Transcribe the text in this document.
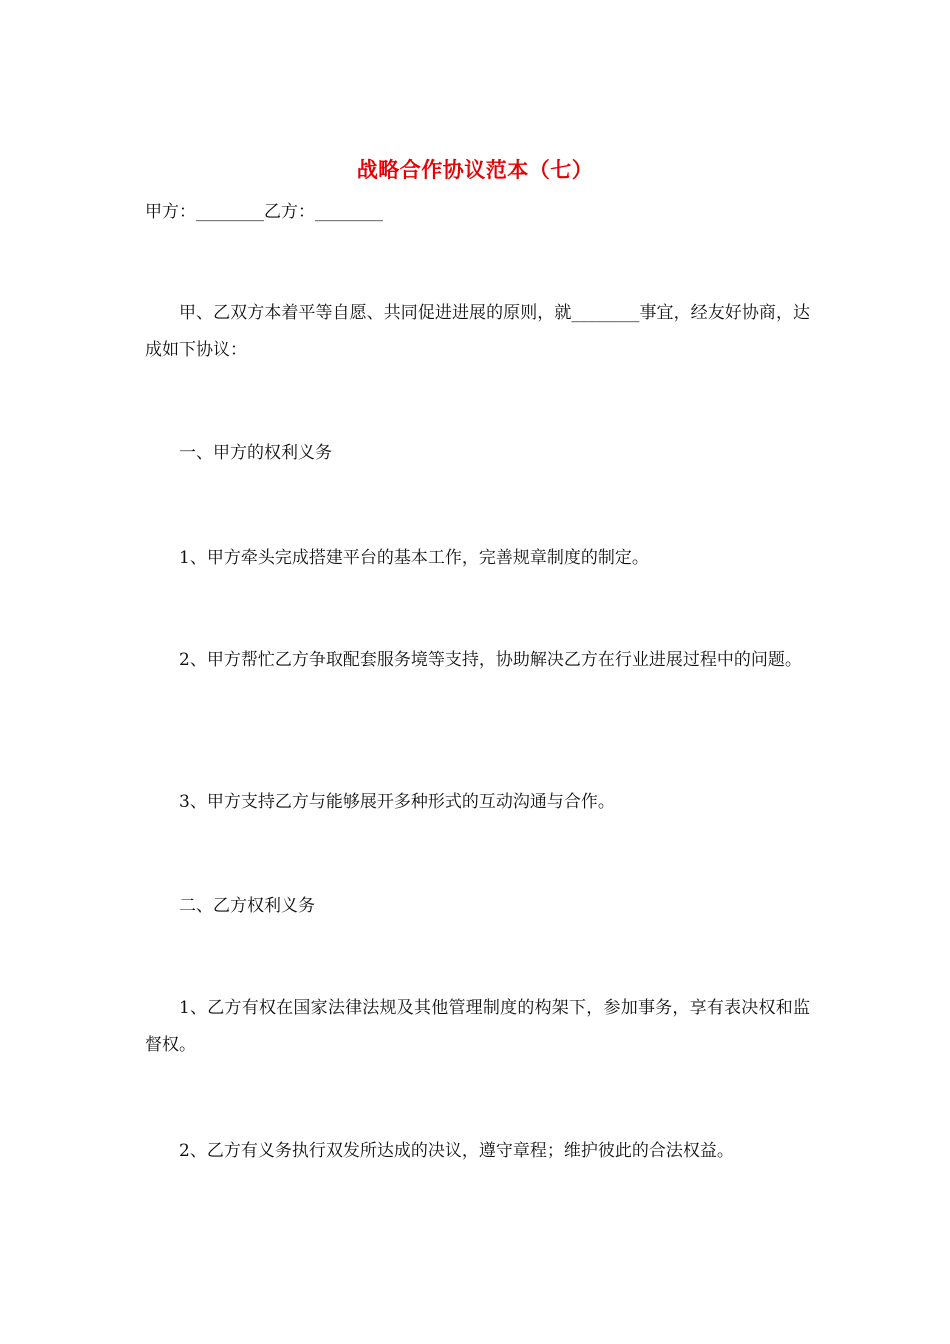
战略合作协议范本（七）
甲方：________乙方：________
甲、乙双方本着平等自愿、共同促进进展的原则，就________事宜，经友好协商，达成如下协议：
一、甲方的权利义务
1、甲方牵头完成搭建平台的基本工作，完善规章制度的制定。
2、甲方帮忙乙方争取配套服务境等支持，协助解决乙方在行业进展过程中的问题。
3、甲方支持乙方与能够展开多种形式的互动沟通与合作。
二、乙方权利义务
1、乙方有权在国家法律法规及其他管理制度的构架下，参加事务，享有表决权和监督权。
2、乙方有义务执行双发所达成的决议，遵守章程；维护彼此的合法权益。
